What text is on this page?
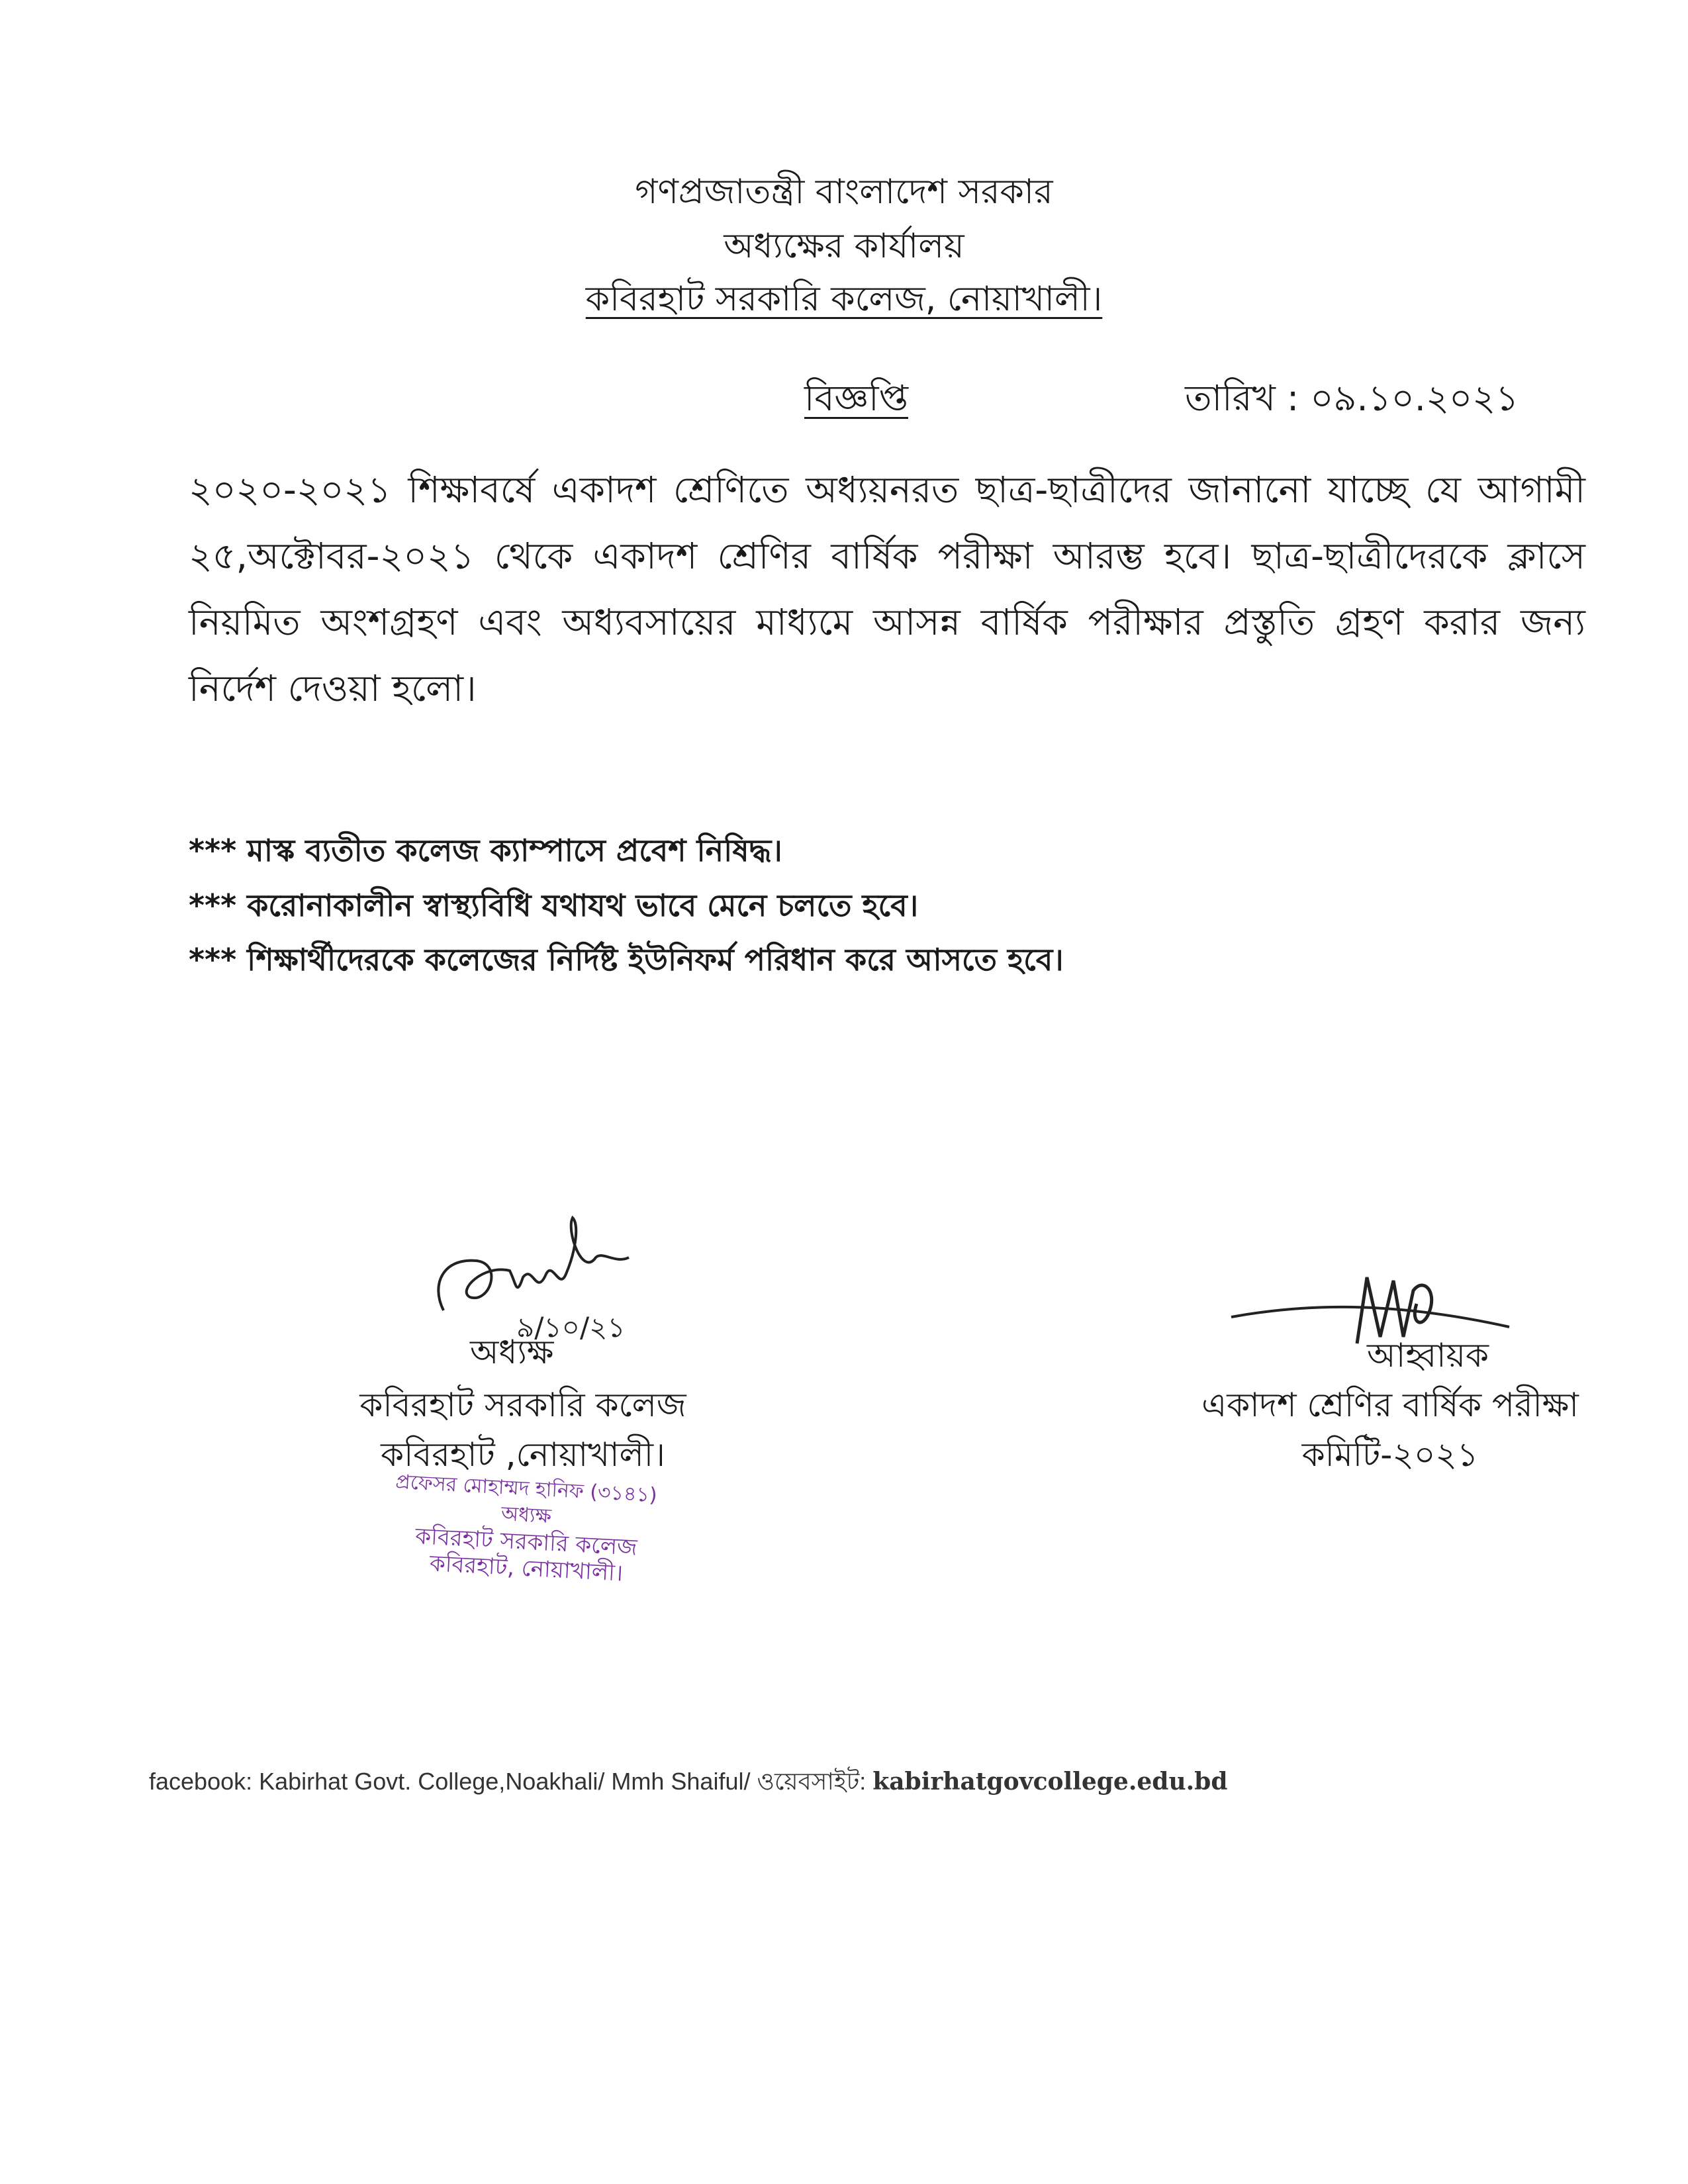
গণপ্রজাতন্ত্রী বাংলাদেশ সরকার
অধ্যক্ষের কার্যালয়
কবিরহাট সরকারি কলেজ, নোয়াখালী।
বিজ্ঞপ্তি	তারিখ : ০৯.১০.২০২১
২০২০-২০২১ শিক্ষাবর্ষে একাদশ শ্রেণিতে অধ্যয়নরত ছাত্র-ছাত্রীদের জানানো যাচ্ছে যে আগামী ২৫,অক্টোবর-২০২১ থেকে একাদশ শ্রেণির বার্ষিক পরীক্ষা আরম্ভ হবে। ছাত্র-ছাত্রীদেরকে ক্লাসে নিয়মিত অংশগ্রহণ এবং অধ্যবসায়ের মাধ্যমে আসন্ন বার্ষিক পরীক্ষার প্রস্তুতি গ্রহণ করার জন্য নির্দেশ দেওয়া হলো।
*** মাস্ক ব্যতীত কলেজ ক্যাম্পাসে প্রবেশ নিষিদ্ধ।
*** করোনাকালীন স্বাস্থ্যবিধি যথাযথ ভাবে মেনে চলতে হবে।
*** শিক্ষার্থীদেরকে কলেজের নির্দিষ্ট ইউনিফর্ম পরিধান করে আসতে হবে।
৯/১০/২১
অধ্যক্ষ
কবিরহাট সরকারি কলেজ
কবিরহাট ,নোয়াখালী।
প্রফেসর মোহাম্মদ হানিফ (৩১৪১)
অধ্যক্ষ
কবিরহাট সরকারি কলেজ
কবিরহাট, নোয়াখালী।
আহ্বায়ক
একাদশ শ্রেণির বার্ষিক পরীক্ষা
কমিটি-২০২১
facebook: Kabirhat Govt. College,Noakhali/ Mmh Shaiful/ ওয়েবসাইট: kabirhatgovcollege.edu.bd
